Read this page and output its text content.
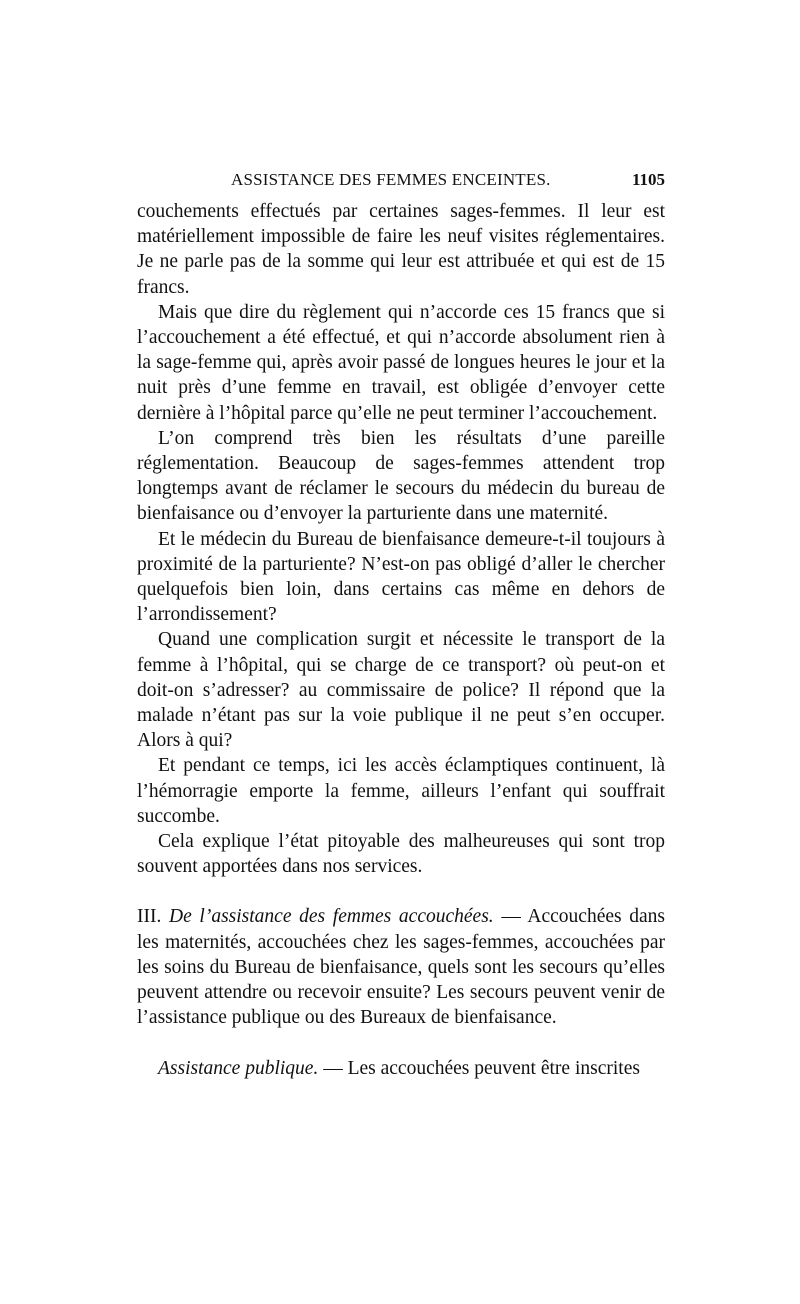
ASSISTANCE DES FEMMES ENCEINTES.	1105

couchements effectués par certaines sages-femmes. Il leur est matériellement impossible de faire les neuf visites réglementaires. Je ne parle pas de la somme qui leur est attribuée et qui est de 15 francs.

Mais que dire du règlement qui n’accorde ces 15 francs que si l’accouchement a été effectué, et qui n’accorde absolument rien à la sage-femme qui, après avoir passé de longues heures le jour et la nuit près d’une femme en travail, est obligée d’envoyer cette dernière à l’hôpital parce qu’elle ne peut terminer l’accouchement.

L’on comprend très bien les résultats d’une pareille réglementation. Beaucoup de sages-femmes attendent trop longtemps avant de réclamer le secours du médecin du bureau de bienfaisance ou d’envoyer la parturiente dans une maternité.

Et le médecin du Bureau de bienfaisance demeure-t-il toujours à proximité de la parturiente? N’est-on pas obligé d’aller le chercher quelquefois bien loin, dans certains cas même en dehors de l’arrondissement?

Quand une complication surgit et nécessite le transport de la femme à l’hôpital, qui se charge de ce transport? où peut-on et doit-on s’adresser? au commissaire de police? Il répond que la malade n’étant pas sur la voie publique il ne peut s’en occuper. Alors à qui?

Et pendant ce temps, ici les accès éclamptiques continuent, là l’hémorragie emporte la femme, ailleurs l’enfant qui souffrait succombe.

Cela explique l’état pitoyable des malheureuses qui sont trop souvent apportées dans nos services.

III. De l’assistance des femmes accouchées. — Accouchées dans les maternités, accouchées chez les sages-femmes, accouchées par les soins du Bureau de bienfaisance, quels sont les secours qu’elles peuvent attendre ou recevoir ensuite? Les secours peuvent venir de l’assistance publique ou des Bureaux de bienfaisance.

Assistance publique. — Les accouchées peuvent être inscrites
